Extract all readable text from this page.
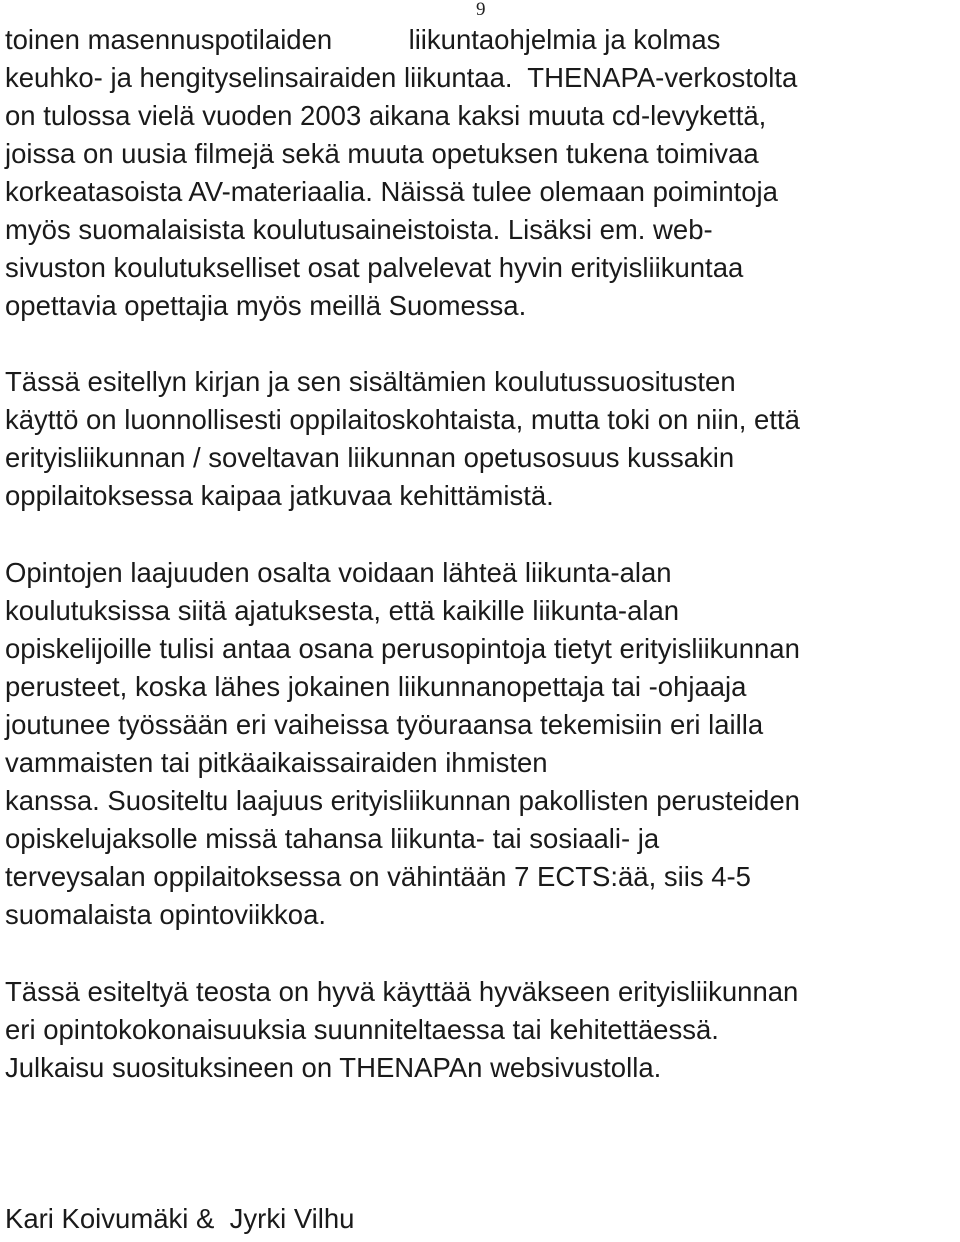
9
toinen masennuspotilaiden          liikuntaohjelmia ja kolmas
keuhko- ja hengityselinsairaiden liikuntaa.  THENAPA-verkostolta
on tulossa vielä vuoden 2003 aikana kaksi muuta cd-levykettä,
joissa on uusia filmejä sekä muuta opetuksen tukena toimivaa
korkeatasoista AV-materiaalia. Näissä tulee olemaan poimintoja
myös suomalaisista koulutusaineistoista. Lisäksi em. web-
sivuston koulutukselliset osat palvelevat hyvin erityisliikuntaa
opettavia opettajia myös meillä Suomessa.
Tässä esitellyn kirjan ja sen sisältämien koulutussuositusten
käyttö on luonnollisesti oppilaitoskohtaista, mutta toki on niin, että
erityisliikunnan / soveltavan liikunnan opetusosuus kussakin
oppilaitoksessa kaipaa jatkuvaa kehittämistä.
Opintojen laajuuden osalta voidaan lähteä liikunta-alan
koulutuksissa siitä ajatuksesta, että kaikille liikunta-alan
opiskelijoille tulisi antaa osana perusopintoja tietyt erityisliikunnan
perusteet, koska lähes jokainen liikunnanopettaja tai -ohjaaja
joutunee työssään eri vaiheissa työuraansa tekemisiin eri lailla
vammaisten tai pitkäaikaissairaiden ihmisten
kanssa. Suositeltu laajuus erityisliikunnan pakollisten perusteiden
opiskelujaksolle missä tahansa liikunta- tai sosiaali- ja
terveysalan oppilaitoksessa on vähintään 7 ECTS:ää, siis 4-5
suomalaista opintoviikkoa.
Tässä esiteltyä teosta on hyvä käyttää hyväkseen erityisliikunnan
eri opintokokonaisuuksia suunniteltaessa tai kehitettäessä.
Julkaisu suosituksineen on THENAPAn websivustolla.
Kari Koivumäki &  Jyrki Vilhu
